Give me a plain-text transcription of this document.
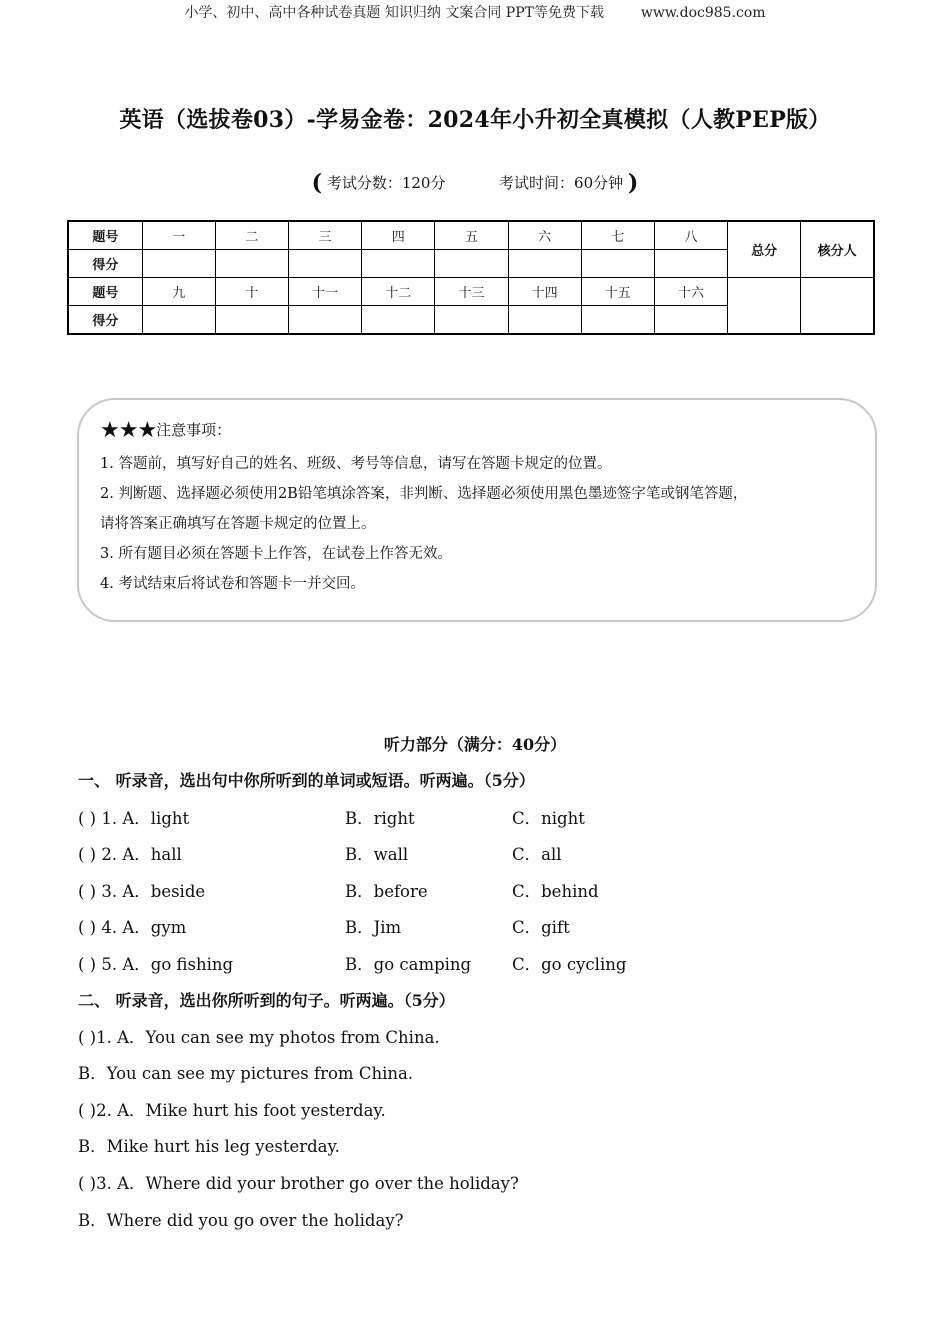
小学、初中、高中各种试卷真题 知识归纳 文案合同 PPT等免费下载	www.doc985.com
英语（选拔卷03）-学易金卷：2024年小升初全真模拟（人教PEP版）
( 考试分数：120分	考试时间：60分钟 )
题号	一	二	三	四	五	六	七	八	总分	核分人
得分										
题号	九	十	十一	十二	十三	十四	十五	十六		
得分										
★★★注意事项：
1. 答题前，填写好自己的姓名、班级、考号等信息，请写在答题卡规定的位置。
2. 判断题、选择题必须使用2B铅笔填涂答案，非判断、选择题必须使用黑色墨迹签字笔或钢笔答题，
请将答案正确填写在答题卡规定的位置上。
3. 所有题目必须在答题卡上作答，在试卷上作答无效。
4. 考试结束后将试卷和答题卡一并交回。
听力部分（满分：40分）
一、 听录音，选出句中你所听到的单词或短语。听两遍。（5分）
( ) 1. A．light	B．right	C．night
( ) 2. A．hall	B．wall	C．all
( ) 3. A．beside	B．before	C．behind
( ) 4. A．gym	B．Jim	C．gift
( ) 5. A．go fishing	B．go camping C．go cycling
二、 听录音，选出你所听到的句子。听两遍。（5分）
( )1. A．You can see my photos from China.
B．You can see my pictures from China.
( )2. A．Mike hurt his foot yesterday.
B．Mike hurt his leg yesterday.
( )3. A．Where did your brother go over the holiday?
B．Where did you go over the holiday?
